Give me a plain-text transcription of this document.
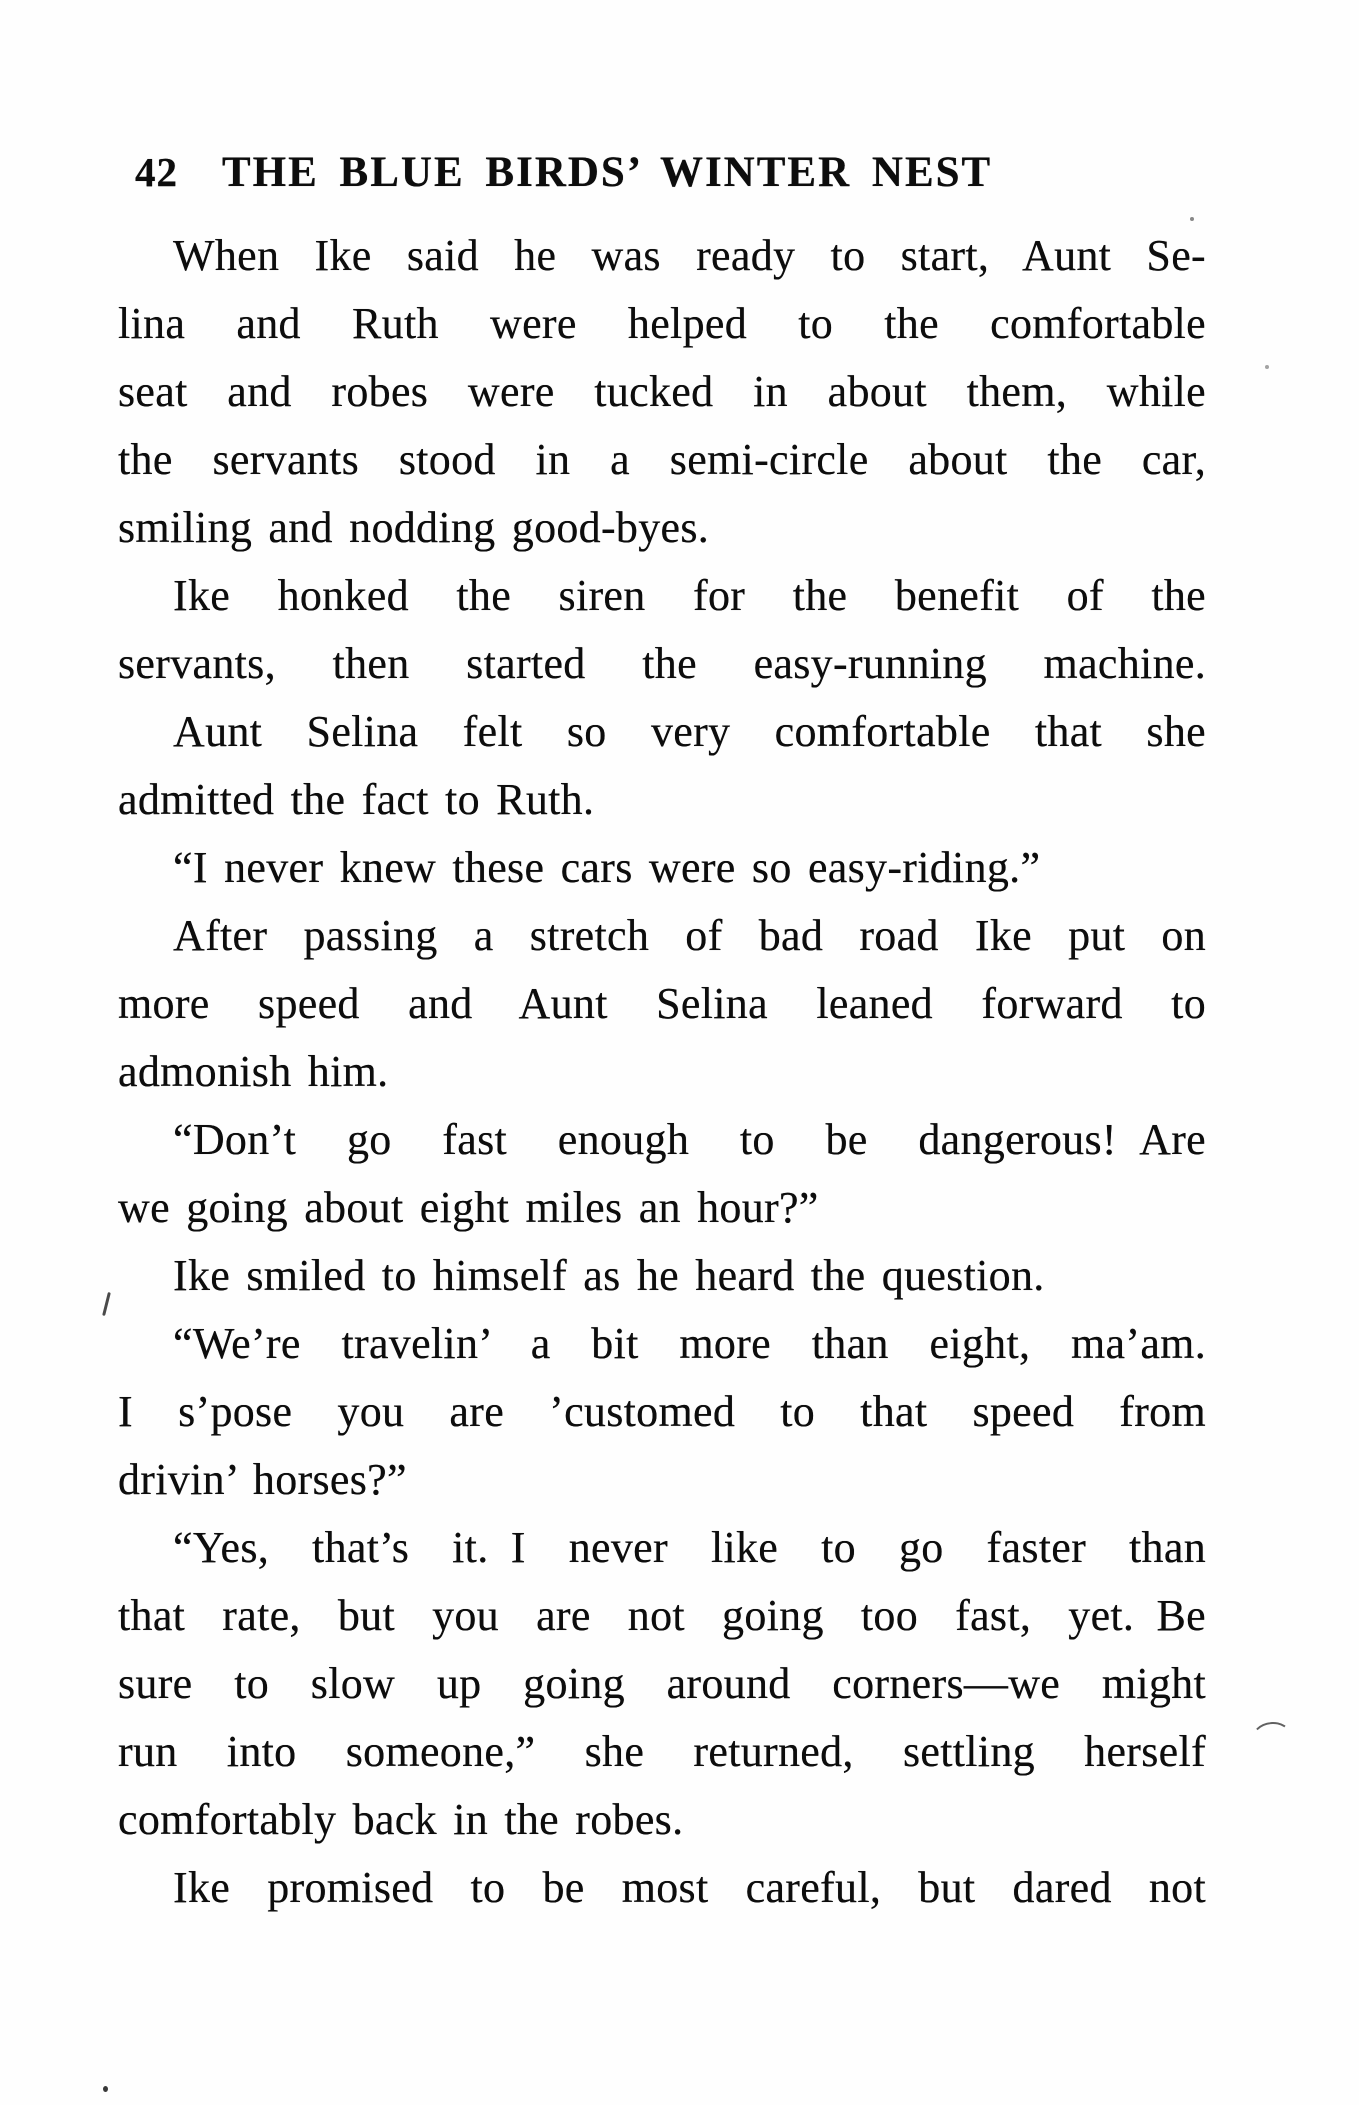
42 THE BLUE BIRDS’ WINTER NEST
When Ike said he was ready to start, Aunt Se-
lina and Ruth were helped to the comfortable
seat and robes were tucked in about them, while
the servants stood in a semi-circle about the car,
smiling and nodding good-byes.
Ike honked the siren for the benefit of the
servants, then started the easy-running machine.
Aunt Selina felt so very comfortable that she
admitted the fact to Ruth.
“I never knew these cars were so easy-riding.”
After passing a stretch of bad road Ike put on
more speed and Aunt Selina leaned forward to
admonish him.
“Don’t go fast enough to be dangerous! Are
we going about eight miles an hour?”
Ike smiled to himself as he heard the question.
“We’re travelin’ a bit more than eight, ma’am.
I s’pose you are ’customed to that speed from
drivin’ horses?”
“Yes, that’s it. I never like to go faster than
that rate, but you are not going too fast, yet. Be
sure to slow up going around corners—we might
run into someone,” she returned, settling herself
comfortably back in the robes.
Ike promised to be most careful, but dared not
